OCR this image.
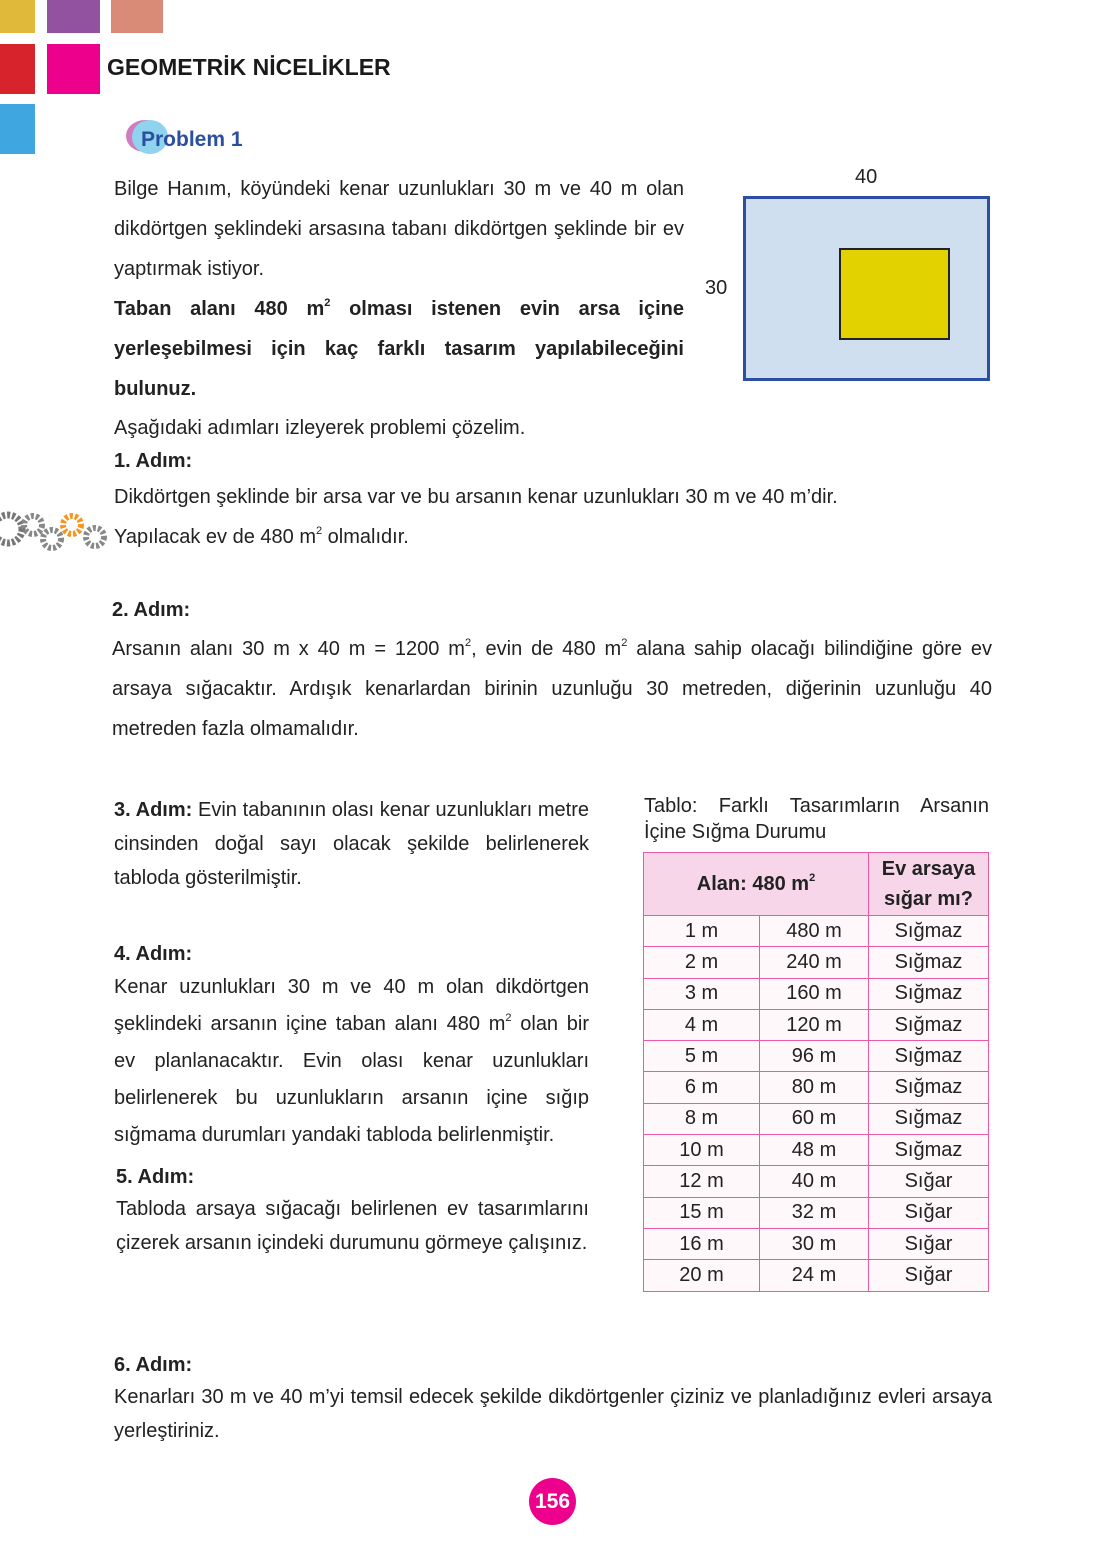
GEOMETRİK NİCELİKLER
Problem 1
40
30
Bilge Hanım, köyündeki kenar uzunlukları 30 m ve 40 m olan dikdörtgen şeklindeki arsasına tabanı dikdörtgen şeklinde bir ev yaptırmak istiyor.
Taban alanı 480 $m^2$ olması istenen evin arsa içine yerleşebilmesi için kaç farklı tasarım yapılabileceğini bulunuz.
Aşağıdaki adımları izleyerek problemi çözelim.
1. Adım:
Dikdörtgen şeklinde bir arsa var ve bu arsanın kenar uzunlukları 30 m ve 40 m’dir.
Yapılacak ev de 480 $m^2$ olmalıdır.
2. Adım:
Arsanın alanı 30 m x 40 m = 1200 $m^2$, evin de 480 $m^2$ alana sahip olacağı bilindiğine göre ev arsaya sığacaktır. Ardışık kenarlardan birinin uzunluğu 30 metreden, diğerinin uzunluğu 40 metreden fazla olmamalıdır.
3. Adım: Evin tabanının olası kenar uzunlukları metre cinsinden doğal sayı olacak şekilde belirlenerek tabloda gösterilmiştir.
4. Adım:
Kenar uzunlukları 30 m ve 40 m olan dikdörtgen şeklindeki arsanın içine taban alanı 480 $m^2$ olan bir ev planlanacaktır. Evin olası kenar uzunlukları belirlenerek bu uzunlukların arsanın içine sığıp sığmama durumları yandaki tabloda belirlenmiştir.
5. Adım:
Tabloda arsaya sığacağı belirlenen ev tasarımlarını çizerek arsanın içindeki durumunu görmeye çalışınız.
Tablo: Farklı Tasarımların Arsanın İçine Sığma Durumu
Alan: 480 $m^2$		Ev arsaya
sığar mı?
1 m	480 m	Sığmaz
2 m	240 m	Sığmaz
3 m	160 m	Sığmaz
4 m	120 m	Sığmaz
5 m	96 m	Sığmaz
6 m	80 m	Sığmaz
8 m	60 m	Sığmaz
10 m	48 m	Sığmaz
12 m	40 m	Sığar
15 m	32 m	Sığar
16 m	30 m	Sığar
20 m	24 m	Sığar
6. Adım:
Kenarları 30 m ve 40 m’yi temsil edecek şekilde dikdörtgenler çiziniz ve planladığınız evleri arsaya yerleştiriniz.
156
